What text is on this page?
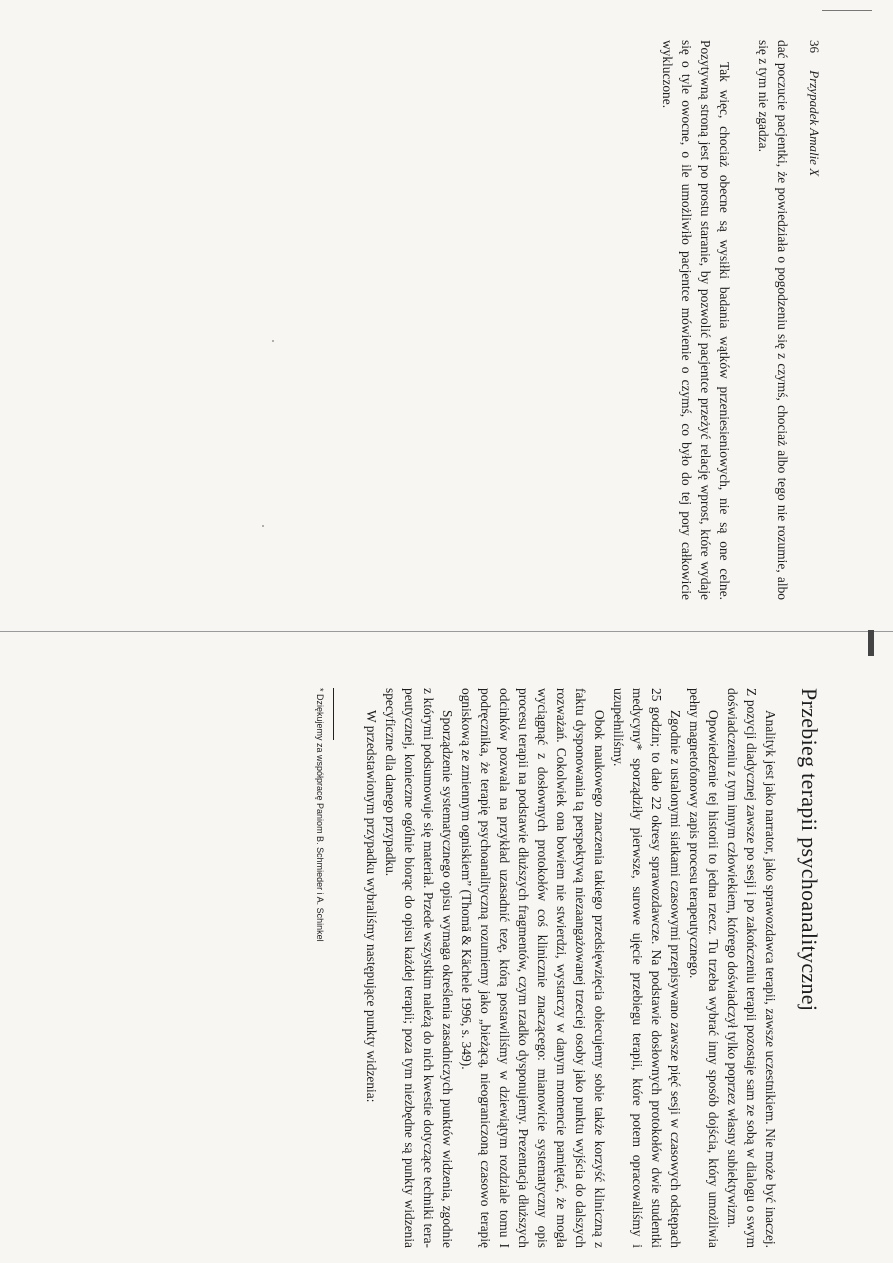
36 Przypadek Amalie X

dać poczucie pacjentki, że powiedziała o pogodzeniu się z czymś, chociaż albo tego nie rozumie, albo się z tym nie zgadza.

Tak więc, chociaż obecne są wysiłki badania wątków przeniesieniowych, nie są one celne. Pozytywną stroną jest po prostu staranie, by pozwolić pacjentce przeżyć relację wprost, które wydaje się o tyle owocne, o ile umożliwiło pacjentce mówienie o czymś, co było do tej pory całkowicie wykluczone.

Przebieg terapii psychoanalitycznej

Analityk jest jako narrator, jako sprawozdawca terapii, zawsze uczestnikiem. Nie może być inaczej. Z pozycji diadycznej zawsze po sesji i po zakończeniu terapii pozostaje sam ze sobą w dialogu o swym doświadczeniu z tym innym człowiekiem, którego doświadczył tylko poprzez własny subiektywizm.

Opowiedzenie tej historii to jedna rzecz. Tu trzeba wybrać inny sposób dojścia, który umożliwia pełny magnetofonowy zapis procesu terapeutycznego.

Zgodnie z ustalonymi siatkami czasowymi przepisywano zawsze pięć sesji w czasowych odstępach 25 godzin; to dało 22 okresy sprawozdawcze. Na podstawie dosłownych protokołów dwie studentki medycyny* sporządziły pierwsze, surowe ujęcie przebiegu terapii, które potem opracowaliśmy i uzupełniliśmy.

Obok naukowego znaczenia takiego przedsięwzięcia obiecujemy sobie także korzyść kliniczną z faktu dysponowania tą perspektywą niezaangażowanej trzeciej osoby jako punktu wyjścia do dalszych rozważań. Cokolwiek ona bowiem nie stwierdzi, wystarczy w danym momencie pamiętać, że mogła wyciągnąć z dosłownych protokołów coś klinicznie znaczącego: mianowicie systematyczny opis procesu terapii na podstawie dłuższych fragmentów, czym rzadko dysponujemy. Prezentacja dłuższych odcinków pozwala na przykład uzasadnić tezę, którą postawiliśmy w dziewiątym rozdziale tomu I podręcznika, że terapię psychoanalityczną rozumiemy jako „bieżącą, nieograniczoną czasowo terapię ogniskową ze zmiennym ogniskiem” (Thomä & Kächele 1996, s. 349).

Sporządzenie systematycznego opisu wymaga określenia zasadniczych punktów widzenia, zgodnie z którymi podsumowuje się materiał. Przede wszystkim należą do nich kwestie dotyczące techniki terapeutycznej, konieczne ogólnie biorąc do opisu każdej terapii; poza tym niezbędne są punkty widzenia specyficzne dla danego przypadku.

W przedstawionym przypadku wybraliśmy następujące punkty widzenia:

* Dziękujemy za współpracę Paniom B. Schmieder i A. Schinkel
